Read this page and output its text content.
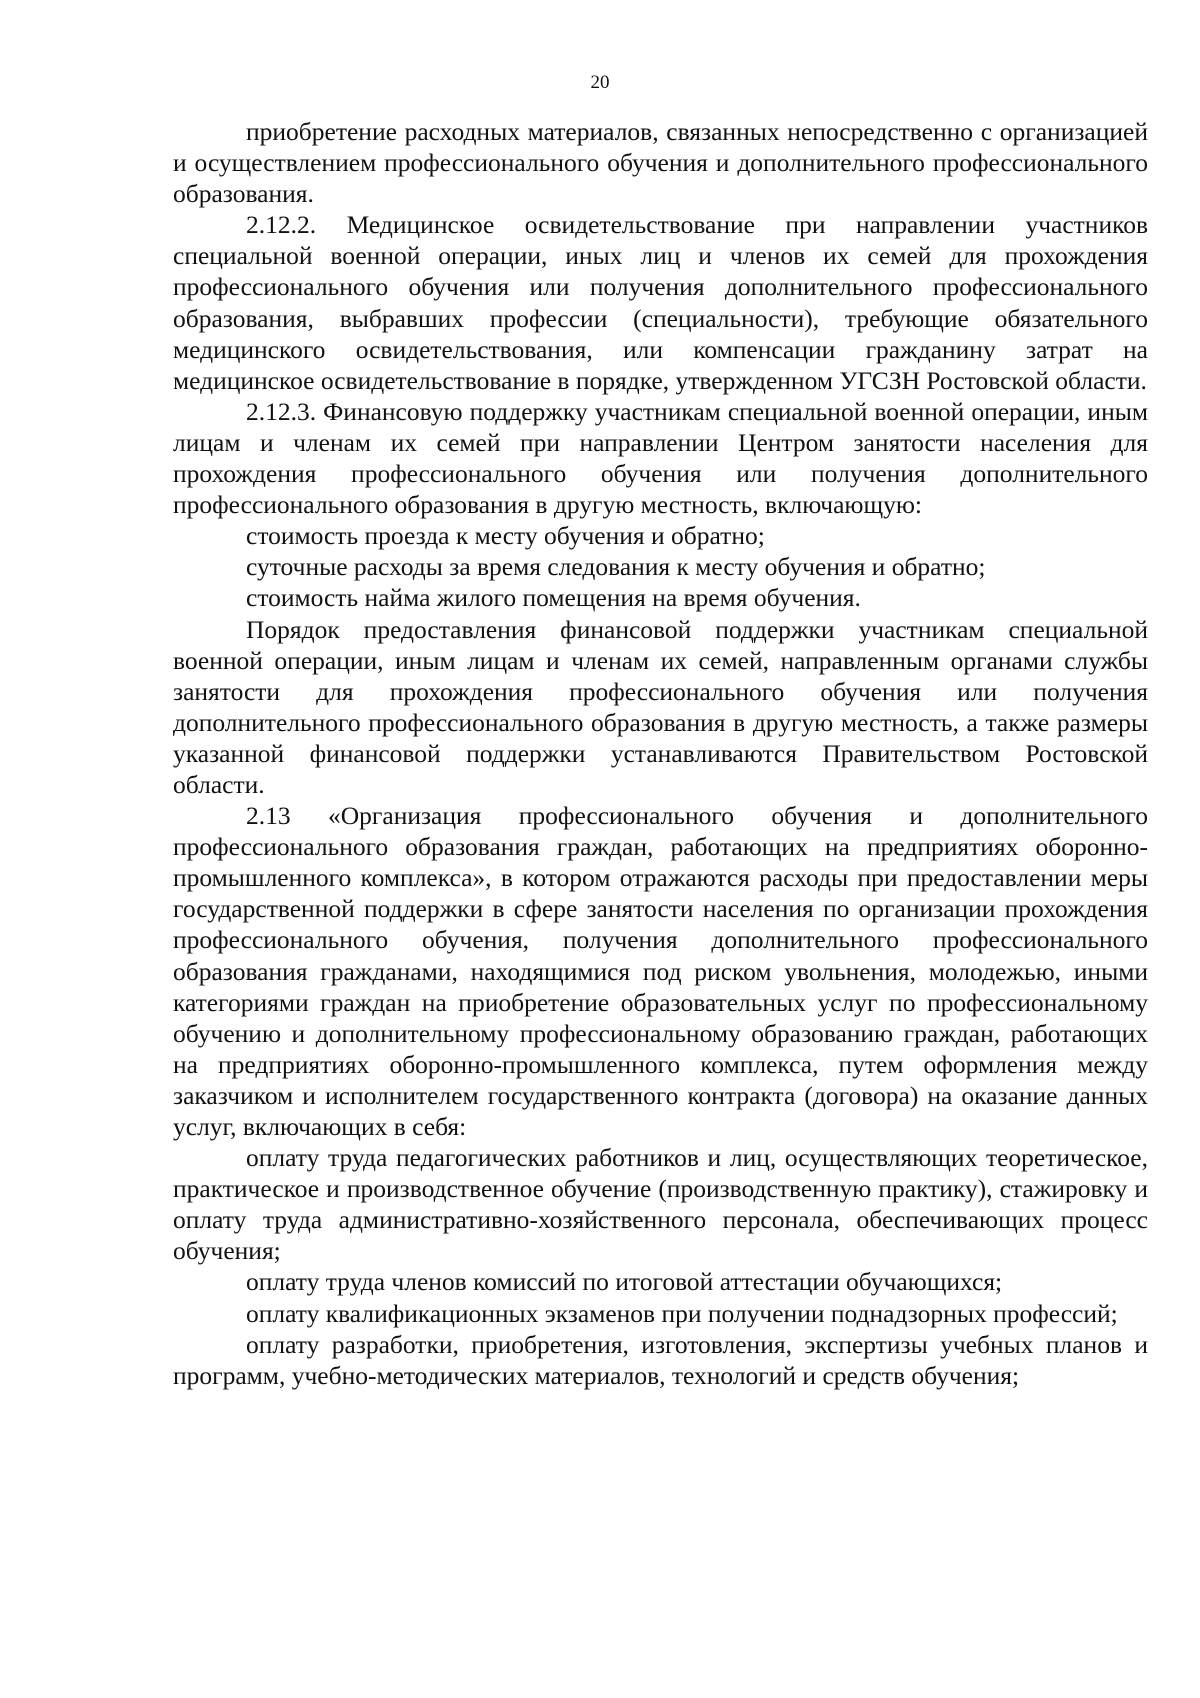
20

приобретение расходных материалов, связанных непосредственно с организацией и осуществлением профессионального обучения и дополнительного профессионального образования.

2.12.2. Медицинское освидетельствование при направлении участников специальной военной операции, иных лиц и членов их семей для прохождения профессионального обучения или получения дополнительного профессионального образования, выбравших профессии (специальности), требующие обязательного медицинского освидетельствования, или компенсации гражданину затрат на медицинское освидетельствование в порядке, утвержденном УГСЗН Ростовской области.

2.12.3. Финансовую поддержку участникам специальной военной операции, иным лицам и членам их семей при направлении Центром занятости населения для прохождения профессионального обучения или получения дополнительного профессионального образования в другую местность, включающую:

стоимость проезда к месту обучения и обратно;

суточные расходы за время следования к месту обучения и обратно;

стоимость найма жилого помещения на время обучения.

Порядок предоставления финансовой поддержки участникам специальной военной операции, иным лицам и членам их семей, направленным органами службы занятости для прохождения профессионального обучения или получения дополнительного профессионального образования в другую местность, а также размеры указанной финансовой поддержки устанавливаются Правительством Ростовской области.

2.13 «Организация профессионального обучения и дополнительного профессионального образования граждан, работающих на предприятиях оборонно-промышленного комплекса», в котором отражаются расходы при предоставлении меры государственной поддержки в сфере занятости населения по организации прохождения профессионального обучения, получения дополнительного профессионального образования гражданами, находящимися под риском увольнения, молодежью, иными категориями граждан на приобретение образовательных услуг по профессиональному обучению и дополнительному профессиональному образованию граждан, работающих на предприятиях оборонно-промышленного комплекса, путем оформления между заказчиком и исполнителем государственного контракта (договора) на оказание данных услуг, включающих в себя:

оплату труда педагогических работников и лиц, осуществляющих теоретическое, практическое и производственное обучение (производственную практику), стажировку и оплату труда административно-хозяйственного персонала, обеспечивающих процесс обучения;

оплату труда членов комиссий по итоговой аттестации обучающихся;

оплату квалификационных экзаменов при получении поднадзорных профессий;

оплату разработки, приобретения, изготовления, экспертизы учебных планов и программ, учебно-методических материалов, технологий и средств обучения;
